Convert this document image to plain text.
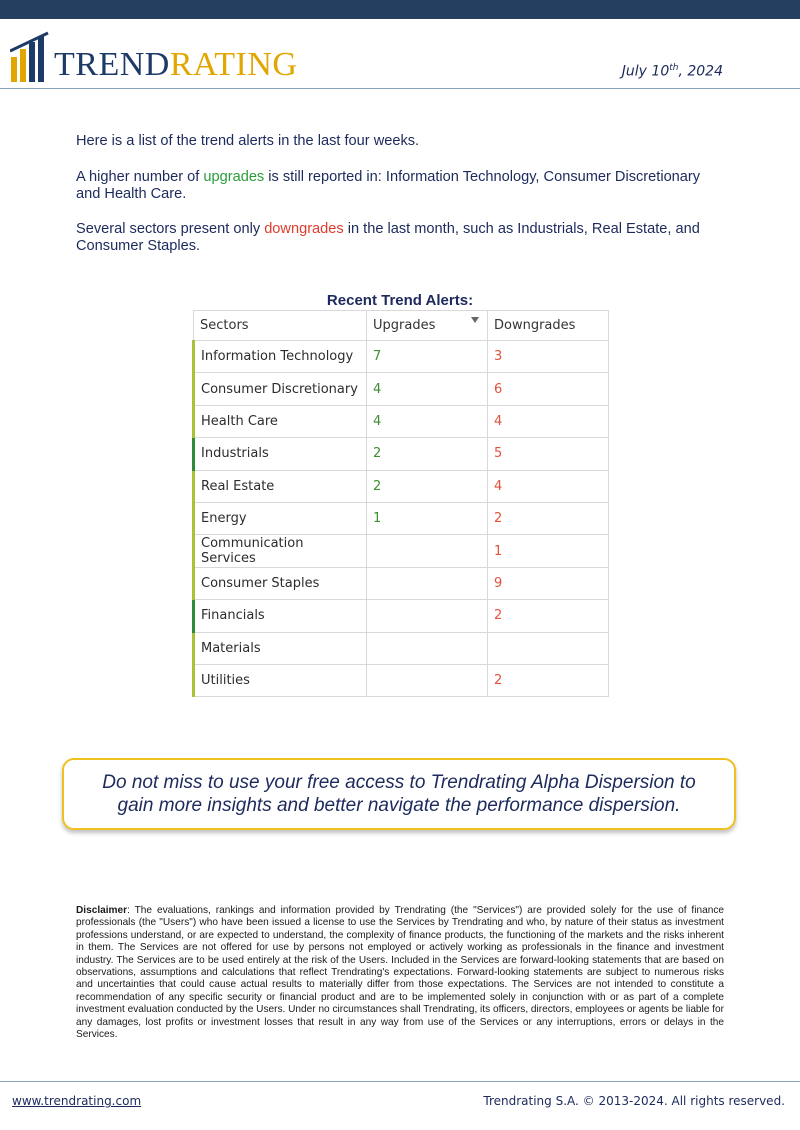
TRENDRATING	July 10th, 2024
Here is a list of the trend alerts in the last four weeks.
A higher number of upgrades is still reported in: Information Technology, Consumer Discretionary and Health Care.
Several sectors present only downgrades in the last month, such as Industrials, Real Estate, and Consumer Staples.
Recent Trend Alerts:
Sectors	Upgrades	Downgrades
Information Technology	7	3
Consumer Discretionary	4	6
Health Care	4	4
Industrials	2	5
Real Estate	2	4
Energy	1	2
Communication Services		1
Consumer Staples		9
Financials		2
Materials		
Utilities		2
Do not miss to use your free access to Trendrating Alpha Dispersion to gain more insights and better navigate the performance dispersion.
Disclaimer: The evaluations, rankings and information provided by Trendrating (the "Services") are provided solely for the use of finance professionals (the "Users") who have been issued a license to use the Services by Trendrating and who, by nature of their status as investment professions understand, or are expected to understand, the complexity of finance products, the functioning of the markets and the risks inherent in them. The Services are not offered for use by persons not employed or actively working as professionals in the finance and investment industry. The Services are to be used entirely at the risk of the Users. Included in the Services are forward-looking statements that are based on observations, assumptions and calculations that reflect Trendrating's expectations. Forward-looking statements are subject to numerous risks and uncertainties that could cause actual results to materially differ from those expectations. The Services are not intended to constitute a recommendation of any specific security or financial product and are to be implemented solely in conjunction with or as part of a complete investment evaluation conducted by the Users. Under no circumstances shall Trendrating, its officers, directors, employees or agents be liable for any damages, lost profits or investment losses that result in any way from use of the Services or any interruptions, errors or delays in the Services.
www.trendrating.com	Trendrating S.A. © 2013-2024. All rights reserved.
